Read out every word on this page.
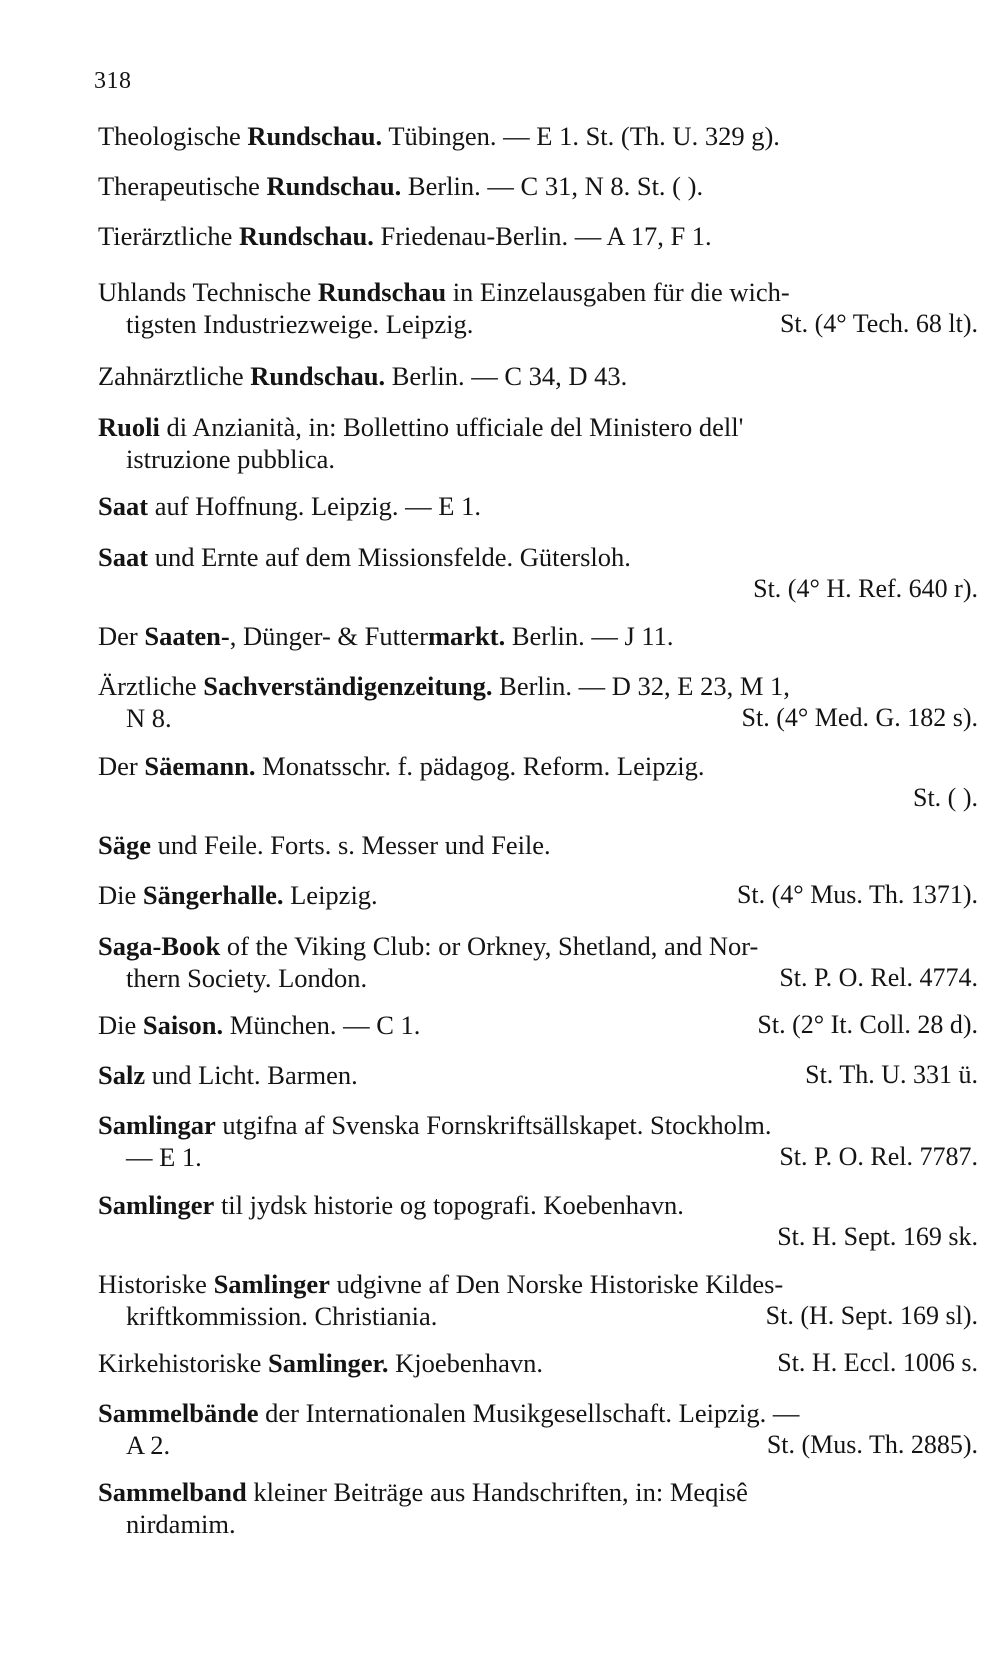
318
Theologische Rundschau. Tübingen. — E 1. St. (Th. U. 329 g).
Therapeutische Rundschau. Berlin. — C 31, N 8. St. ( ).
Tierärztliche Rundschau. Friedenau-Berlin. — A 17, F 1.
Uhlands Technische Rundschau in Einzelausgaben für die wich-
tigsten Industriezweige. Leipzig.	St. (4° Tech. 68 lt).
Zahnärztliche Rundschau. Berlin. — C 34, D 43.
Ruoli di Anzianità, in: Bollettino ufficiale del Ministero dell'
istruzione pubblica.
Saat auf Hoffnung. Leipzig. — E 1.
Saat und Ernte auf dem Missionsfelde. Gütersloh.
St. (4° H. Ref. 640 r).
Der Saaten-, Dünger- & Futtermarkt. Berlin. — J 11.
Ärztliche Sachverständigenzeitung. Berlin. — D 32, E 23, M 1,
N 8.	St. (4° Med. G. 182 s).
Der Säemann. Monatsschr. f. pädagog. Reform. Leipzig.
St. ( ).
Säge und Feile. Forts. s. Messer und Feile.
Die Sängerhalle. Leipzig.	St. (4° Mus. Th. 1371).
Saga-Book of the Viking Club: or Orkney, Shetland, and Nor-
thern Society. London.	St. P. O. Rel. 4774.
Die Saison. München. — C 1.	St. (2° It. Coll. 28 d).
Salz und Licht. Barmen.	St. Th. U. 331 ü.
Samlingar utgifna af Svenska Fornskriftsällskapet. Stockholm.
— E 1.	St. P. O. Rel. 7787.
Samlinger til jydsk historie og topografi. Koebenhavn.
St. H. Sept. 169 sk.
Historiske Samlinger udgivne af Den Norske Historiske Kildes-
kriftkommission. Christiania.	St. (H. Sept. 169 sl).
Kirkehistoriske Samlinger. Kjoebenhavn.	St. H. Eccl. 1006 s.
Sammelbände der Internationalen Musikgesellschaft. Leipzig. —
A 2.	St. (Mus. Th. 2885).
Sammelband kleiner Beiträge aus Handschriften, in: Meqisê
nirdamim.
